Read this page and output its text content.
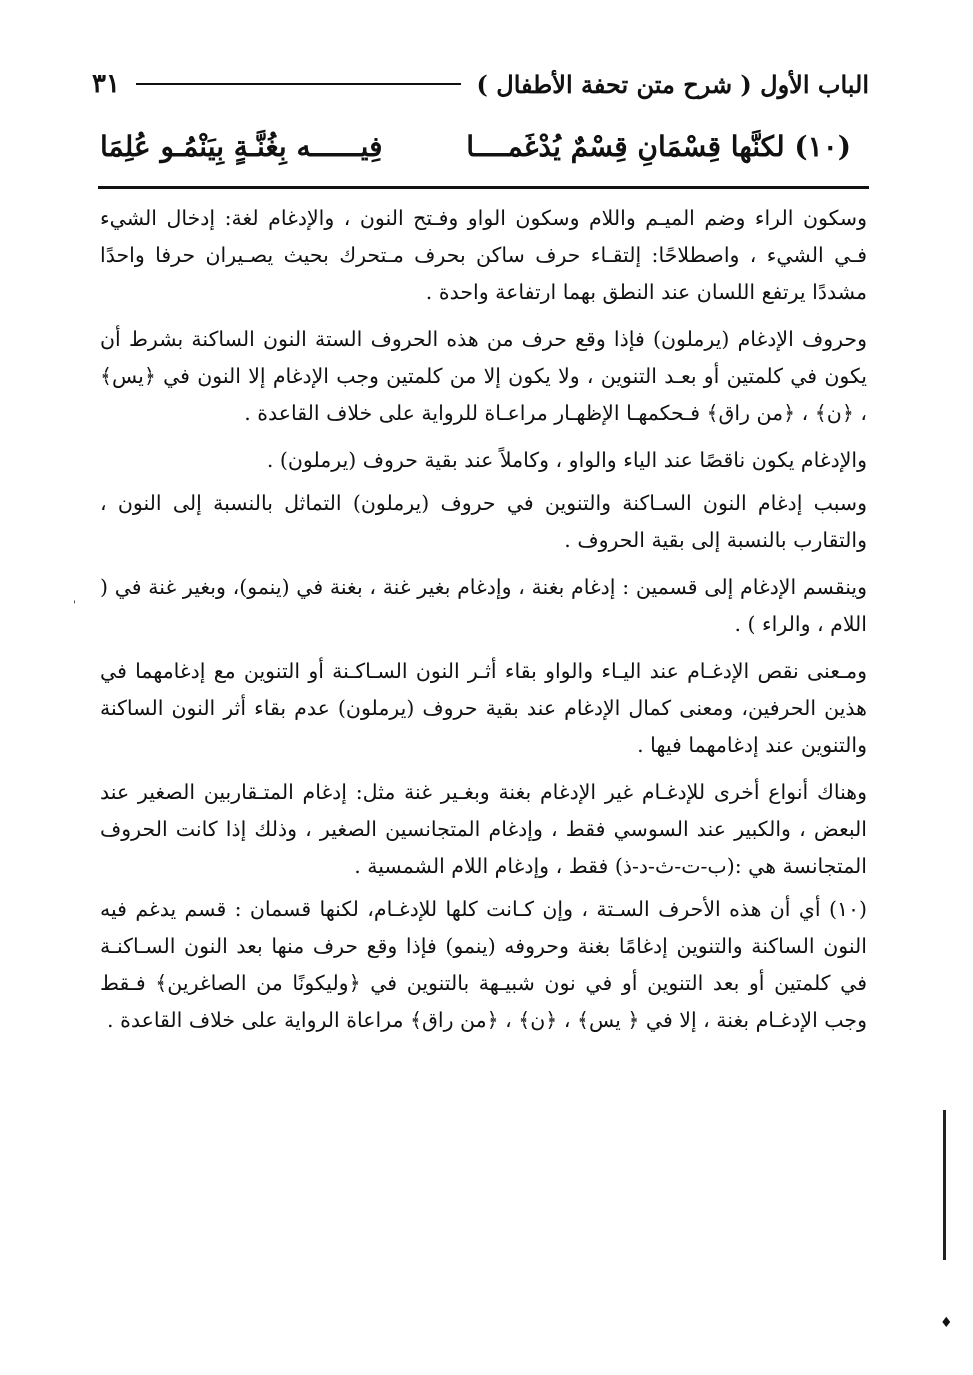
الباب الأول ( شرح متن تحفة الأطفال )
٣١
(١٠) لكنَّها قِسْمَانِ قِسْمٌ يُدْغَمــــا
فِيــــــه بِغُنَّـةٍ بِيَنْمُـو عُلِمَا

وسكون الراء وضم الميـم واللام وسكون الواو وفـتح النون ، والإدغام لغة: إدخال الشيء فـي الشيء ، واصطلاحًا: إلتقـاء حرف ساكن بحرف مـتحرك بحيث يصـيران حرفا واحدًا مشددًا يرتفع اللسان عند النطق بهما ارتفاعة واحدة .

وحروف الإدغام (يرملون) فإذا وقع حرف من هذه الحروف الستة النون الساكنة بشرط أن يكون في كلمتين أو بعـد التنوين ، ولا يكون إلا من كلمتين وجب الإدغام إلا النون في ﴿يس﴾ ، ﴿ن﴾ ، ﴿من راق﴾ فـحكمهـا الإظهـار مراعـاة للرواية على خلاف القاعدة .

والإدغام يكون ناقصًا عند الياء والواو ، وكاملاً عند بقية حروف (يرملون) .

وسبب إدغام النون السـاكنة والتنوين في حروف (يرملون) التماثل بالنسبة إلى النون ، والتقارب بالنسبة إلى بقية الحروف .

وينقسم الإدغام إلى قسمين : إدغام بغنة ، وإدغام بغير غنة ، بغنة في (ينمو)، وبغير غنة في ( اللام ، والراء ) .

ومـعنى نقص الإدغـام عند اليـاء والواو بقاء أثـر النون السـاكـنة أو التنوين مع إدغامهما في هذين الحرفين، ومعنى كمال الإدغام عند بقية حروف (يرملون) عدم بقاء أثر النون الساكنة والتنوين عند إدغامهما فيها .

وهناك أنواع أخرى للإدغـام غير الإدغام بغنة وبغـير غنة مثل: إدغام المتـقاربين الصغير عند البعض ، والكبير عند السوسي فقط ، وإدغام المتجانسين الصغير ، وذلك إذا كانت الحروف المتجانسة هي :(ب-ت-ث-د-ذ) فقط ، وإدغام اللام الشمسية .

(١٠) أي أن هذه الأحرف السـتة ، وإن كـانت كلها للإدغـام، لكنها قسمان : قسم يدغم فيه النون الساكنة والتنوين إدغامًا بغنة وحروفه (ينمو) فإذا وقع حرف منها بعد النون السـاكنـة في كلمتين أو بعد التنوين أو في نون شبيـهة بالتنوين في ﴿وليكونًا من الصاغرين﴾ فـقط وجب الإدغـام بغنة ، إلا في ﴿ يس﴾ ، ﴿ن﴾ ، ﴿من راق﴾ مراعاة الرواية على خلاف القاعدة .

♦
'
